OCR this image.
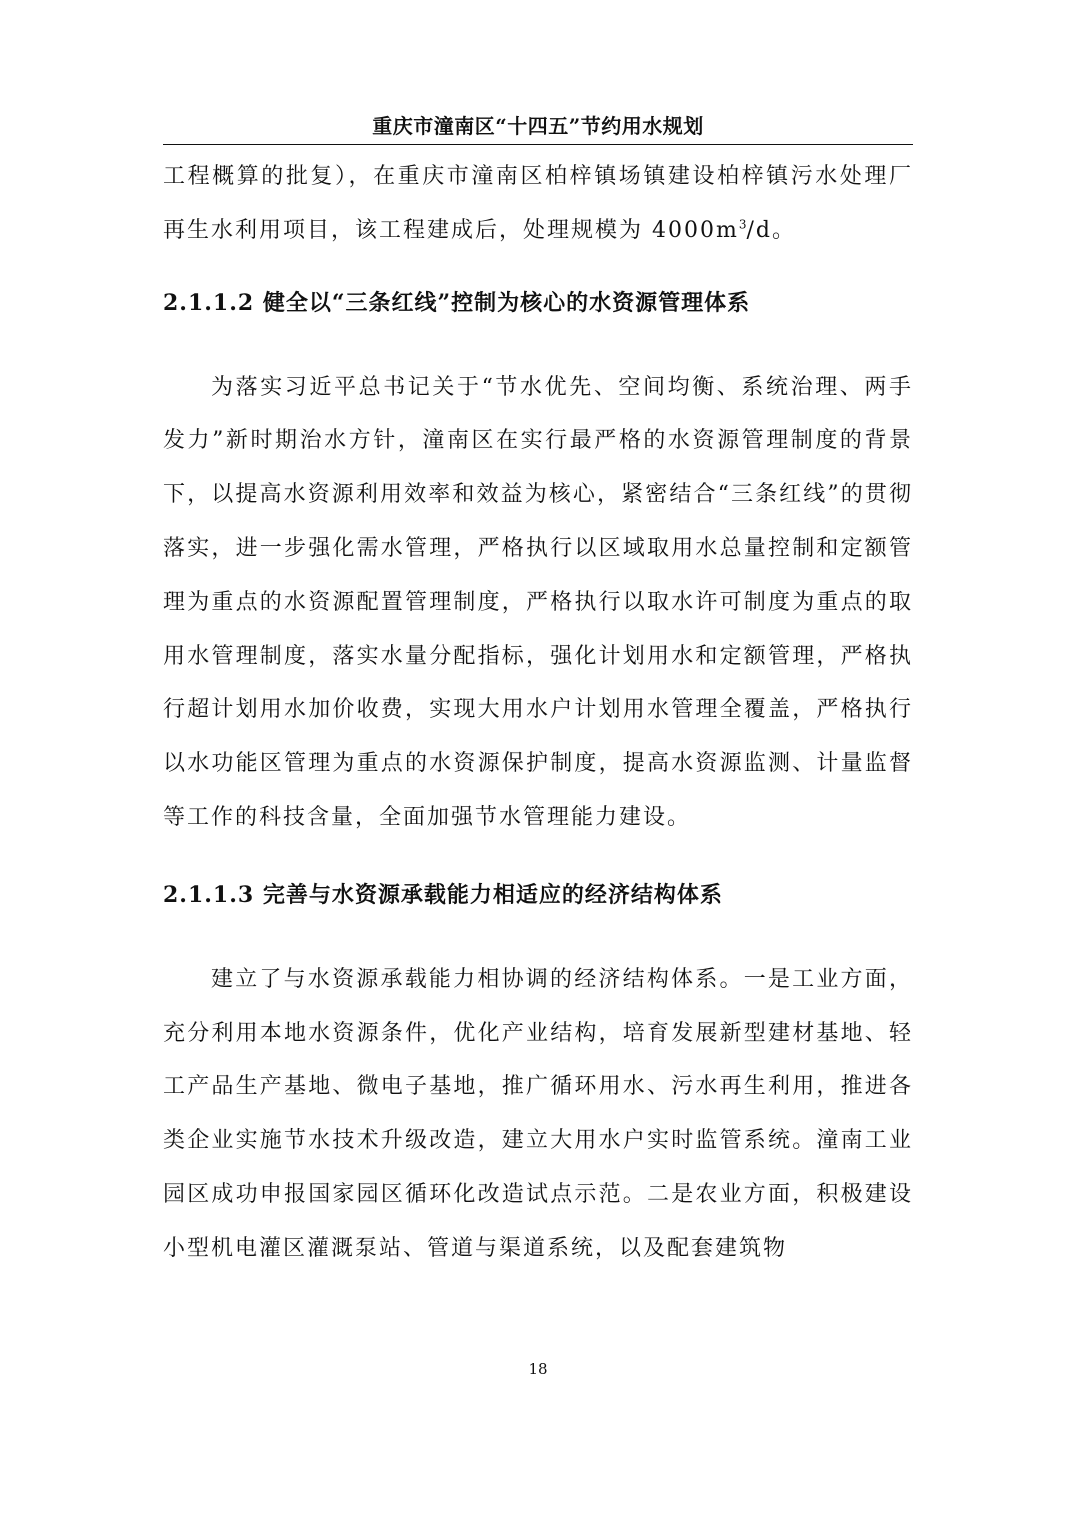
重庆市潼南区“十四五”节约用水规划

工程概算的批复），在重庆市潼南区柏梓镇场镇建设柏梓镇污水处理厂再生水利用项目，该工程建成后，处理规模为 $4000m^3/d$。

2.1.1.2 健全以“三条红线”控制为核心的水资源管理体系

为落实习近平总书记关于“节水优先、空间均衡、系统治理、两手发力”新时期治水方针，潼南区在实行最严格的水资源管理制度的背景下，以提高水资源利用效率和效益为核心，紧密结合“三条红线”的贯彻落实，进一步强化需水管理，严格执行以区域取用水总量控制和定额管理为重点的水资源配置管理制度，严格执行以取水许可制度为重点的取用水管理制度，落实水量分配指标，强化计划用水和定额管理，严格执行超计划用水加价收费，实现大用水户计划用水管理全覆盖，严格执行以水功能区管理为重点的水资源保护制度，提高水资源监测、计量监督等工作的科技含量，全面加强节水管理能力建设。

2.1.1.3 完善与水资源承载能力相适应的经济结构体系

建立了与水资源承载能力相协调的经济结构体系。一是工业方面，充分利用本地水资源条件，优化产业结构，培育发展新型建材基地、轻工产品生产基地、微电子基地，推广循环用水、污水再生利用，推进各类企业实施节水技术升级改造，建立大用水户实时监管系统。潼南工业园区成功申报国家园区循环化改造试点示范。二是农业方面，积极建设小型机电灌区灌溉泵站、管道与渠道系统，以及配套建筑物

18
